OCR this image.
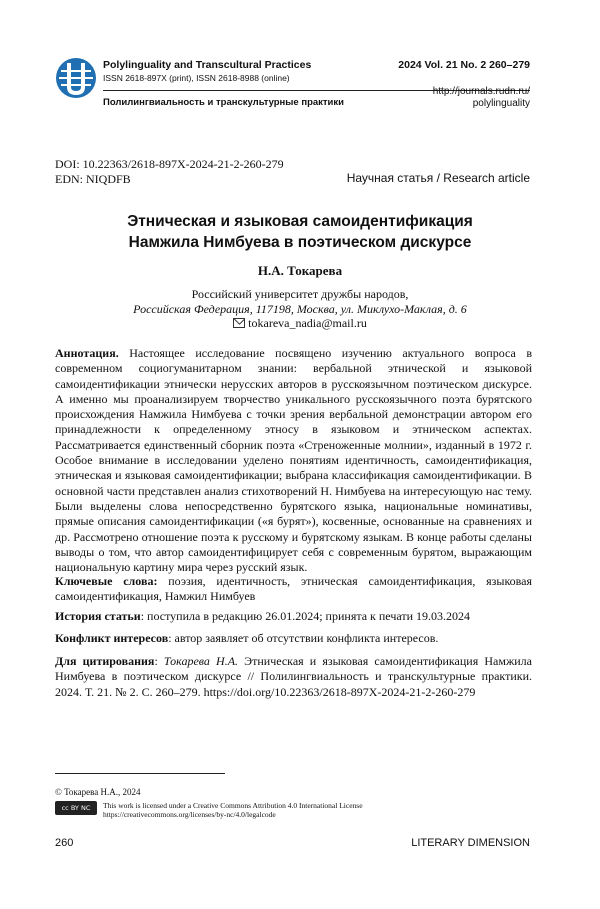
Polylinguality and Transcultural Practices
ISSN 2618-897X (print), ISSN 2618-8988 (online)
Полилингвиальность и транскультурные практики
2024 Vol. 21 No. 2 260–279
http://journals.rudn.ru/
polylinguality
DOI: 10.22363/2618-897X-2024-21-2-260-279
EDN: NIQDFB	Научная статья / Research article
Этническая и языковая самоидентификация
Намжила Нимбуева в поэтическом дискурсе
Н.А. Токарева
Российский университет дружбы народов,
Российская Федерация, 117198, Москва, ул. Миклухо-Маклая, д. 6
tokareva_nadia@mail.ru
Аннотация. Настоящее исследование посвящено изучению актуального вопроса в современном социогуманитарном знании: вербальной этнической и языковой самоидентификации этнически нерусских авторов в русскоязычном поэтическом дискурсе. А именно мы проанализируем творчество уникального русскоязычного поэта бурятского происхождения Намжила Нимбуева с точки зрения вербальной демонстрации автором его принадлежности к определенному этносу в языковом и этническом аспектах. Рассматривается единственный сборник поэта «Стреноженные молнии», изданный в 1972 г. Особое внимание в исследовании уделено понятиям идентичность, самоидентификация, этническая и языковая самоидентификации; выбрана классификация самоидентификации. В основной части представлен анализ стихотворений Н. Нимбуева на интересующую нас тему. Были выделены слова непосредственно бурятского языка, национальные номинативы, прямые описания самоидентификации («я бурят»), косвенные, основанные на сравнениях и др. Рассмотрено отношение поэта к русскому и бурятскому языкам. В конце работы сделаны выводы о том, что автор самоидентифицирует себя с современным бурятом, выражающим национальную картину мира через русский язык.
Ключевые слова: поэзия, идентичность, этническая самоидентификация, языковая самоидентификация, Намжил Нимбуев
История статьи: поступила в редакцию 26.01.2024; принята к печати 19.03.2024
Конфликт интересов: автор заявляет об отсутствии конфликта интересов.
Для цитирования: Токарева Н.А. Этническая и языковая самоидентификация Намжила Нимбуева в поэтическом дискурсе // Полилингвиальность и транскультурные практики. 2024. Т. 21. № 2. С. 260–279. https://doi.org/10.22363/2618-897X-2024-21-2-260-279
© Токарева Н.А., 2024
cc BY NC	This work is licensed under a Creative Commons Attribution 4.0 International License
https://creativecommons.org/licenses/by-nc/4.0/legalcode
260	LITERARY DIMENSION
